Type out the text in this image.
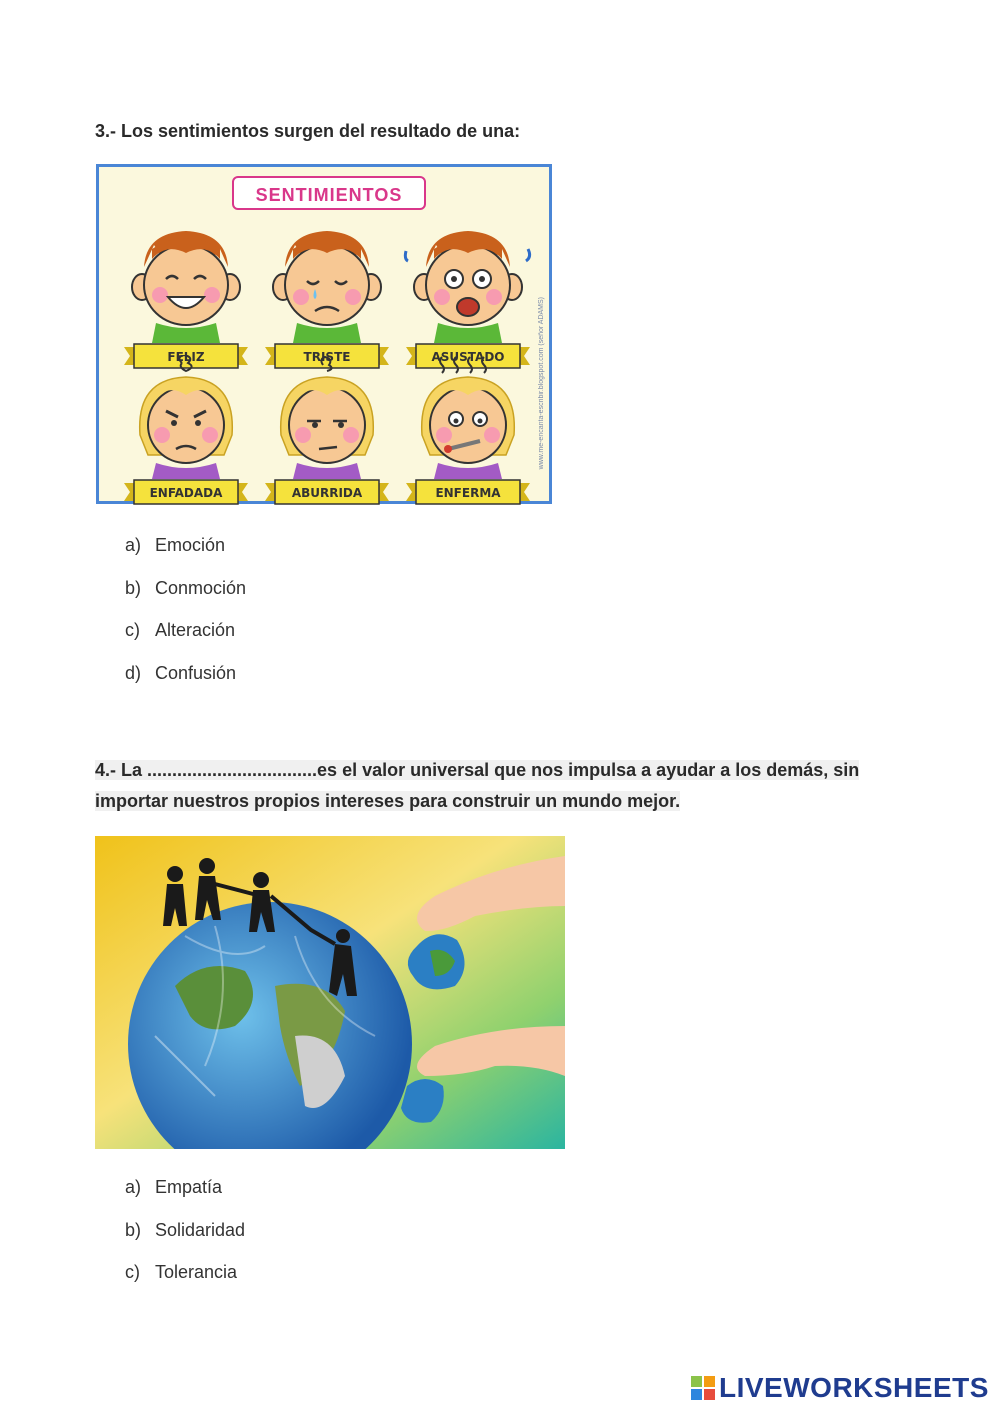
3.- Los sentimientos surgen del resultado de una:
SENTIMIENTOS
FELIZ	TRISTE	ASUSTADO
ENFADADA	ABURRIDA	ENFERMA
www.me-encanta-escribir.blogspot.com (señor ADAMS)
a) Emoción
b) Conmoción
c) Alteración
d) Confusión
4.- La ..................................es el valor universal que nos impulsa a ayudar a los demás, sin importar nuestros propios intereses para construir un mundo mejor.
a) Empatía
b) Solidaridad
c) Tolerancia
LIVEWORKSHEETS
